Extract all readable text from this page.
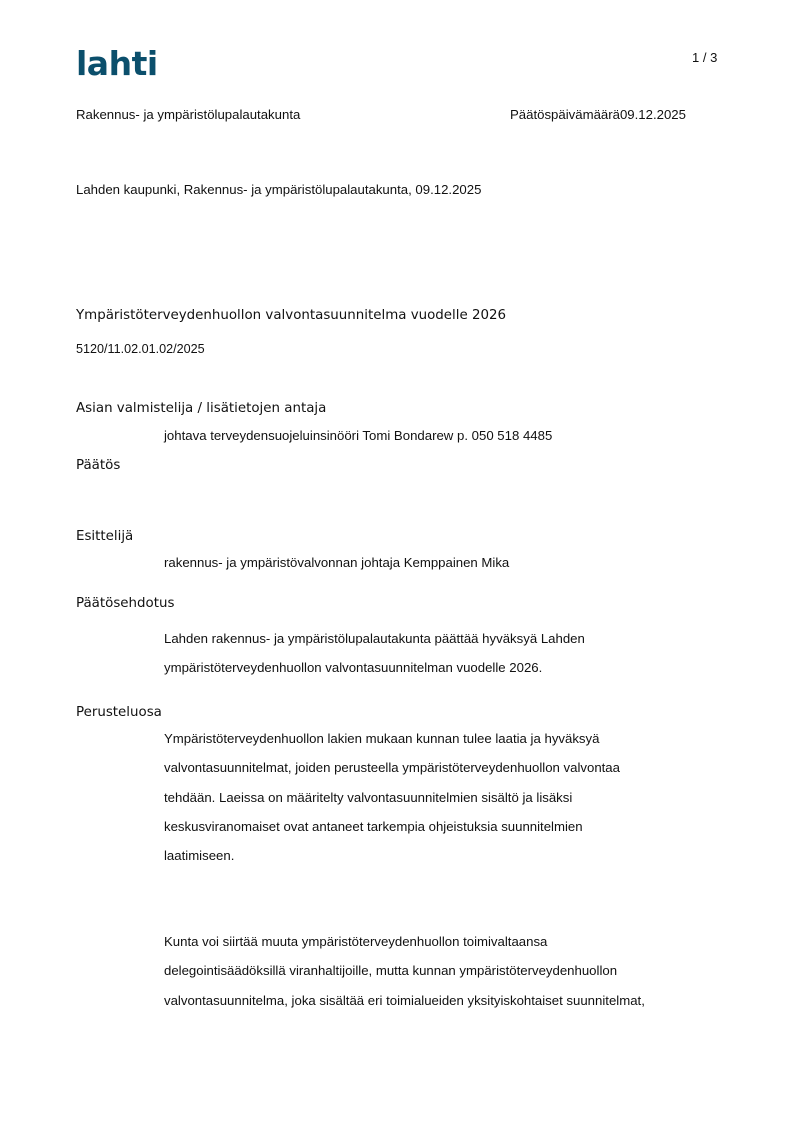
lahti	1 / 3
Rakennus- ja ympäristölupalautakunta	Päätöspäivämäärä09.12.2025
Lahden kaupunki, Rakennus- ja ympäristölupalautakunta, 09.12.2025
Ympäristöterveydenhuollon valvontasuunnitelma vuodelle 2026
5120/11.02.01.02/2025
Asian valmistelija / lisätietojen antaja
johtava terveydensuojeluinsinööri Tomi Bondarew p. 050 518 4485
Päätös
Esittelijä
rakennus- ja ympäristövalvonnan johtaja Kemppainen Mika
Päätösehdotus
Lahden rakennus- ja ympäristölupalautakunta päättää hyväksyä Lahden
ympäristöterveydenhuollon valvontasuunnitelman vuodelle 2026.
Perusteluosa
Ympäristöterveydenhuollon lakien mukaan kunnan tulee laatia ja hyväksyä
valvontasuunnitelmat, joiden perusteella ympäristöterveydenhuollon valvontaa
tehdään. Laeissa on määritelty valvontasuunnitelmien sisältö ja lisäksi
keskusviranomaiset ovat antaneet tarkempia ohjeistuksia suunnitelmien
laatimiseen.
Kunta voi siirtää muuta ympäristöterveydenhuollon toimivaltaansa
delegointisäädöksillä viranhaltijoille, mutta kunnan ympäristöterveydenhuollon
valvontasuunnitelma, joka sisältää eri toimialueiden yksityiskohtaiset suunnitelmat,
